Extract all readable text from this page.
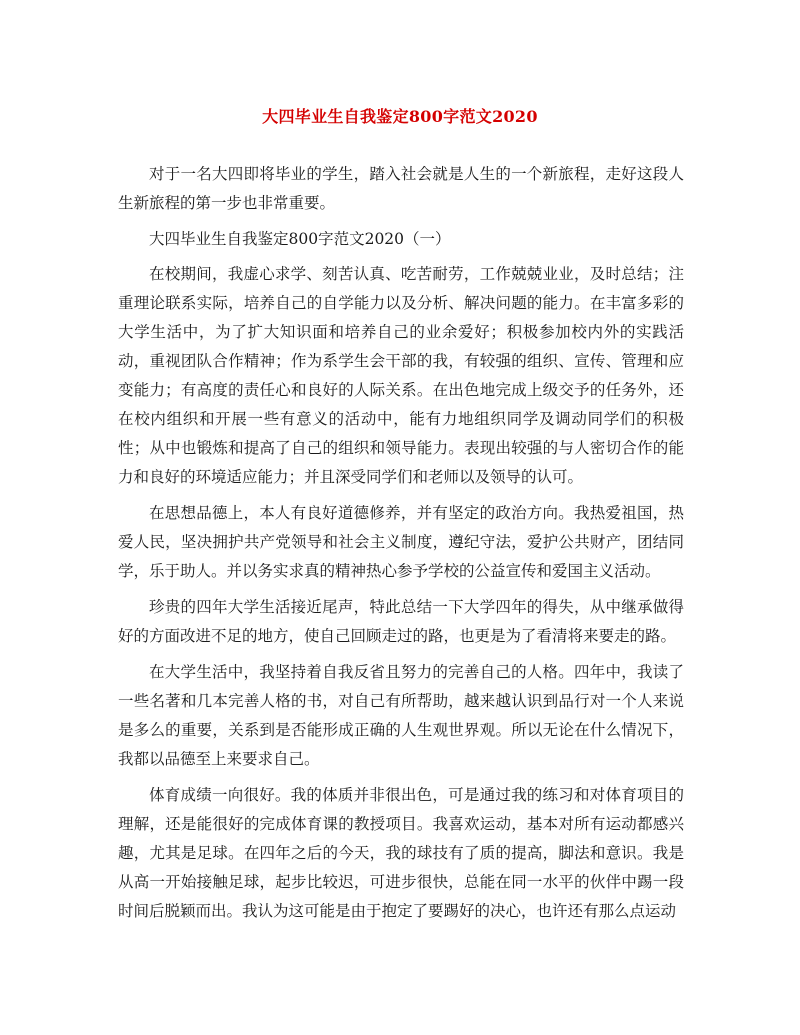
大四毕业生自我鉴定800字范文2020

对于一名大四即将毕业的学生，踏入社会就是人生的一个新旅程，走好这段人生新旅程的第一步也非常重要。

大四毕业生自我鉴定800字范文2020（一）

在校期间，我虚心求学、刻苦认真、吃苦耐劳，工作兢兢业业，及时总结；注重理论联系实际，培养自己的自学能力以及分析、解决问题的能力。在丰富多彩的大学生活中，为了扩大知识面和培养自己的业余爱好；积极参加校内外的实践活动，重视团队合作精神；作为系学生会干部的我，有较强的组织、宣传、管理和应变能力；有高度的责任心和良好的人际关系。在出色地完成上级交予的任务外，还在校内组织和开展一些有意义的活动中，能有力地组织同学及调动同学们的积极性；从中也锻炼和提高了自己的组织和领导能力。表现出较强的与人密切合作的能力和良好的环境适应能力；并且深受同学们和老师以及领导的认可。

在思想品德上，本人有良好道德修养，并有坚定的政治方向。我热爱祖国，热爱人民，坚决拥护共产党领导和社会主义制度，遵纪守法，爱护公共财产，团结同学，乐于助人。并以务实求真的精神热心参予学校的公益宣传和爱国主义活动。

珍贵的四年大学生活接近尾声，特此总结一下大学四年的得失，从中继承做得好的方面改进不足的地方，使自己回顾走过的路，也更是为了看清将来要走的路。

在大学生活中，我坚持着自我反省且努力的完善自己的人格。四年中，我读了一些名著和几本完善人格的书，对自己有所帮助，越来越认识到品行对一个人来说是多么的重要，关系到是否能形成正确的人生观世界观。所以无论在什么情况下，我都以品德至上来要求自己。

体育成绩一向很好。我的体质并非很出色，可是通过我的练习和对体育项目的理解，还是能很好的完成体育课的教授项目。我喜欢运动，基本对所有运动都感兴趣，尤其是足球。在四年之后的今天，我的球技有了质的提高，脚法和意识。我是从高一开始接触足球，起步比较迟，可进步很快，总能在同一水平的伙伴中踢一段时间后脱颖而出。我认为这可能是由于抱定了要踢好的决心，也许还有那么点运动
